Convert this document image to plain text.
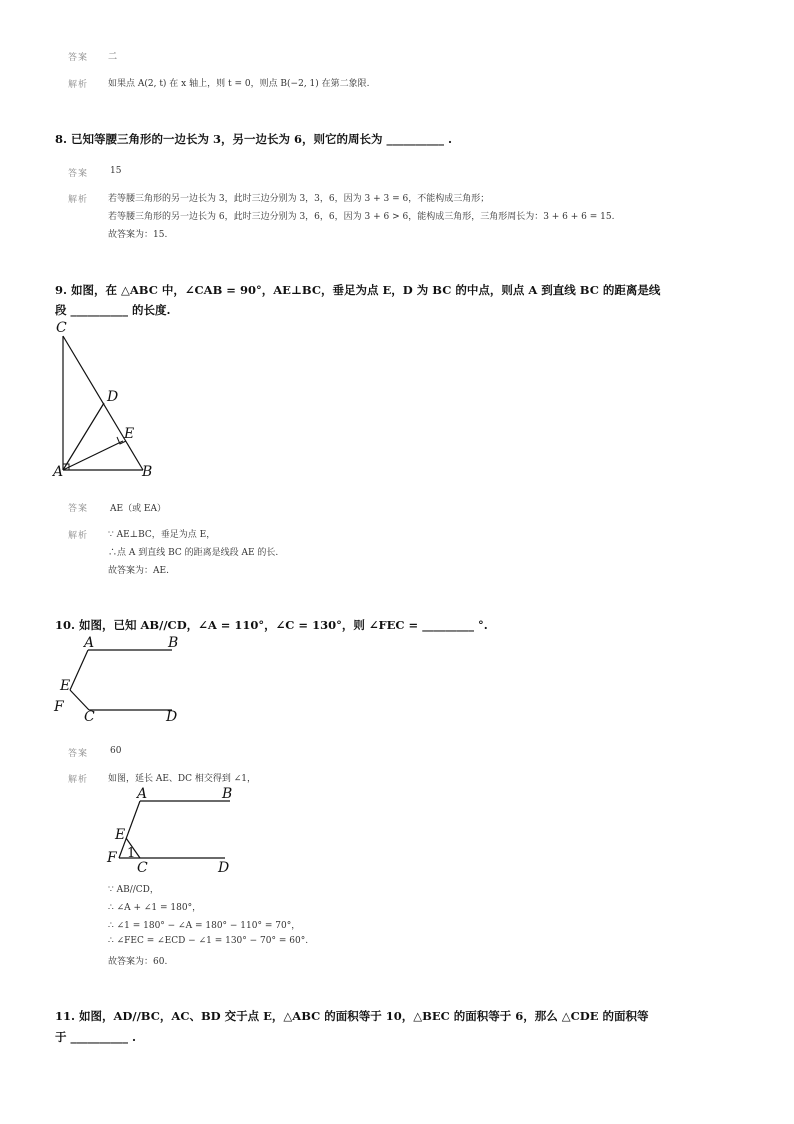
答案 二
解析 如果点 A(2, t) 在 x 轴上，则 t = 0，则点 B(−2, 1) 在第二象限.
8. 已知等腰三角形的一边长为 3，另一边长为 6，则它的周长为 __________ .
答案 15
解析 若等腰三角形的另一边长为 3，此时三边分别为 3，3，6，因为 3 + 3 = 6，不能构成三角形；
若等腰三角形的另一边长为 6，此时三边分别为 3，6，6，因为 3 + 6 > 6，能构成三角形，三角形周长为：3 + 6 + 6 = 15.
故答案为：15.
9. 如图，在 △ABC 中，∠CAB = 90°，AE⊥BC，垂足为点 E，D 为 BC 的中点，则点 A 到直线 BC 的距离是线
段 __________ 的长度.
C
D
E
A	B
答案 AE（或 EA）
解析 ∵ AE⊥BC，垂足为点 E，
∴点 A 到直线 BC 的距离是线段 AE 的长.
故答案为：AE.
10. 如图，已知 AB//CD，∠A = 110°，∠C = 130°，则 ∠FEC = _________ °.
A	B
E
F
C	D
答案 60
解析 如图，延长 AE、DC 相交得到 ∠1，
A	B
E
F 1
C	D
∵ AB//CD，
∴ ∠A + ∠1 = 180°，
∴ ∠1 = 180° − ∠A = 180° − 110° = 70°，
∴ ∠FEC = ∠ECD − ∠1 = 130° − 70° = 60°.
故答案为：60.
11. 如图，AD//BC，AC、BD 交于点 E，△ABC 的面积等于 10，△BEC 的面积等于 6，那么 △CDE 的面积等
于 __________ .
